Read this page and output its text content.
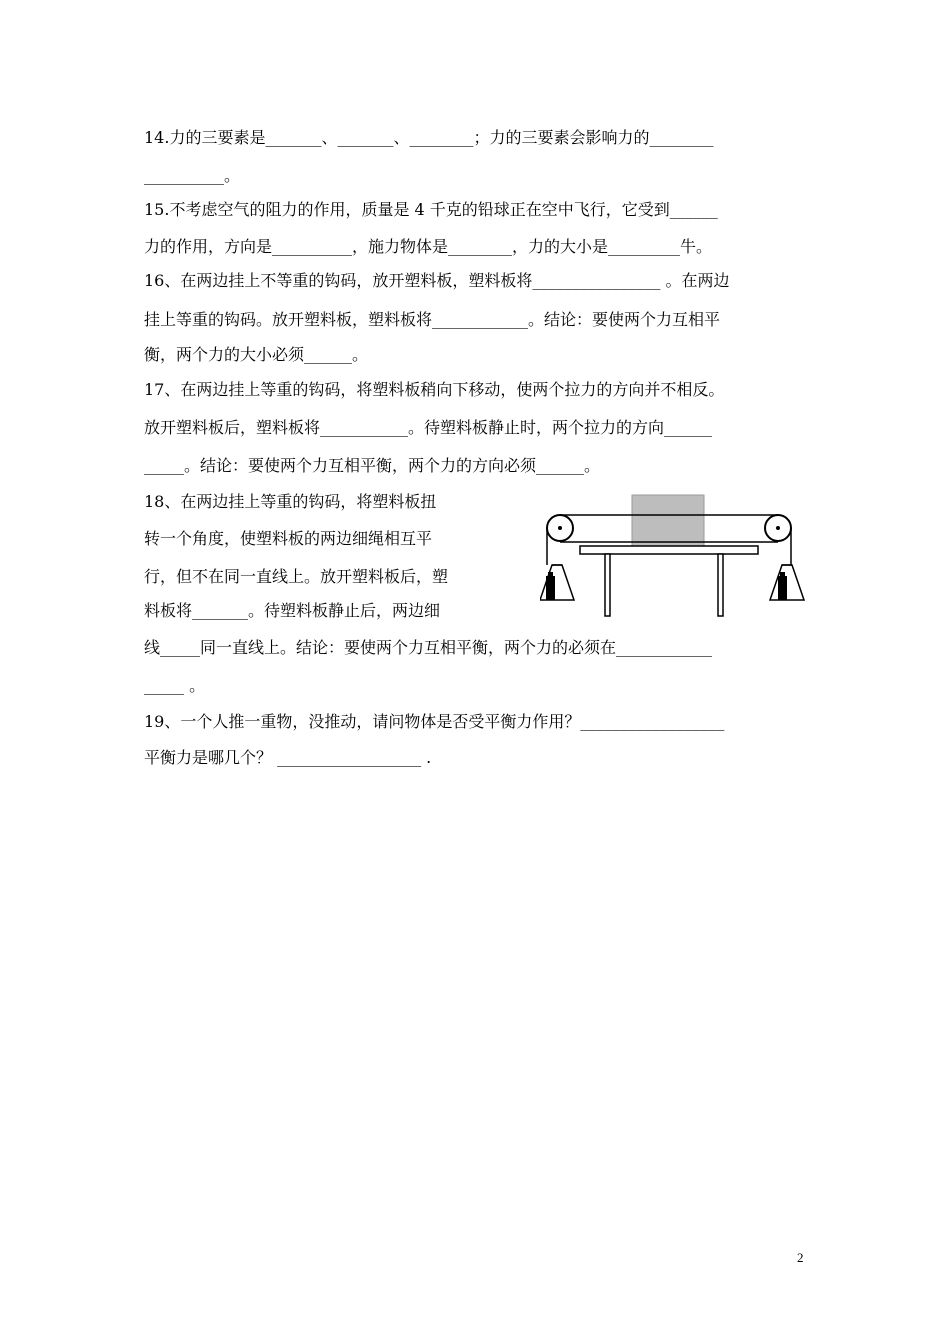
14.力的三要素是_______、_______、________；力的三要素会影响力的________
__________。
15.不考虑空气的阻力的作用，质量是 4 千克的铅球正在空中飞行，它受到______
力的作用，方向是__________，施力物体是________，力的大小是_________牛。
16、在两边挂上不等重的钩码，放开塑料板，塑料板将________________ 。在两边
挂上等重的钩码。放开塑料板，塑料板将____________。结论：要使两个力互相平
衡，两个力的大小必须______。
17、在两边挂上等重的钩码，将塑料板稍向下移动，使两个拉力的方向并不相反。
放开塑料板后，塑料板将___________。待塑料板静止时，两个拉力的方向______
_____。结论：要使两个力互相平衡，两个力的方向必须______。
18、在两边挂上等重的钩码，将塑料板扭
转一个角度，使塑料板的两边细绳相互平
行，但不在同一直线上。放开塑料板后，塑
料板将_______。待塑料板静止后，两边细
线_____同一直线上。结论：要使两个力互相平衡，两个力的必须在____________
_____ 。
19、一个人推一重物，没推动，请问物体是否受平衡力作用？__________________
平衡力是哪几个？ __________________ .
2
